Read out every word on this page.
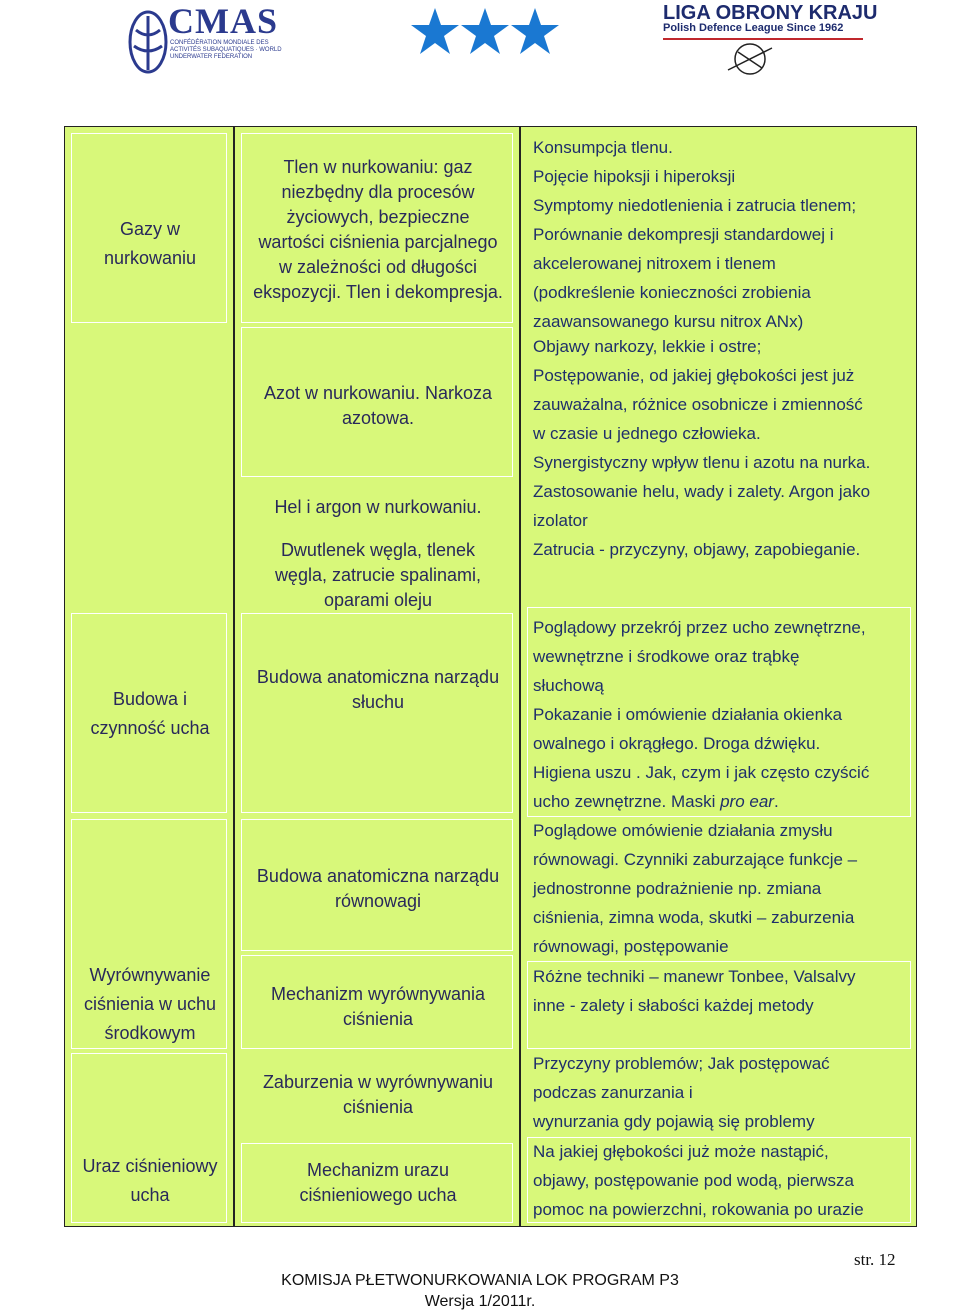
CMAS
CONFÉDÉRATION MONDIALE DES ACTIVITÉS SUBAQUATIQUES · WORLD UNDERWATER FEDERATION
LIGA OBRONY KRAJU
Polish Defence League Since 1962
Gazy w
nurkowaniu
Budowa i
czynność ucha
Wyrównywanie
ciśnienia w uchu
środkowym
Uraz ciśnieniowy
ucha
Tlen w nurkowaniu: gaz
niezbędny dla procesów
życiowych, bezpieczne
wartości ciśnienia parcjalnego
w zależności od długości
ekspozycji. Tlen i dekompresja.
Azot w nurkowaniu. Narkoza
azotowa.
Hel i argon w nurkowaniu.
Dwutlenek węgla, tlenek
węgla, zatrucie spalinami,
oparami oleju
Budowa anatomiczna narządu
słuchu
Budowa anatomiczna narządu
równowagi
Mechanizm wyrównywania
ciśnienia
Zaburzenia w wyrównywaniu
ciśnienia
Mechanizm urazu
ciśnieniowego ucha
Konsumpcja tlenu.
Pojęcie hipoksji i hiperoksji
Symptomy niedotlenienia i zatrucia tlenem;
Porównanie dekompresji standardowej i
akcelerowanej nitroxem i tlenem
(podkreślenie konieczności zrobienia
zaawansowanego kursu nitrox ANx)
Objawy narkozy, lekkie i ostre;
Postępowanie, od jakiej głębokości jest już
zauważalna, różnice osobnicze i zmienność
w czasie u jednego człowieka.
Synergistyczny wpływ tlenu i azotu na nurka.
Zastosowanie helu, wady i zalety. Argon jako
izolator
Zatrucia - przyczyny, objawy, zapobieganie.
Poglądowy przekrój przez ucho zewnętrzne,
wewnętrzne i środkowe oraz trąbkę
słuchową
Pokazanie i omówienie działania okienka
owalnego i okrągłego. Droga dźwięku.
Higiena uszu . Jak, czym i jak często czyścić
ucho zewnętrzne. Maski pro ear.
Poglądowe omówienie działania zmysłu
równowagi. Czynniki zaburzające funkcje –
jednostronne podrażnienie np. zmiana
ciśnienia, zimna woda, skutki – zaburzenia
równowagi, postępowanie
Różne techniki – manewr Tonbee, Valsalvy
inne - zalety i słabości każdej metody
Przyczyny problemów; Jak postępować
podczas zanurzania i
wynurzania gdy pojawią się problemy
Na jakiej głębokości już może nastąpić,
objawy, postępowanie pod wodą, pierwsza
pomoc na powierzchni, rokowania po urazie
str. 12
KOMISJA PŁETWONURKOWANIA LOK PROGRAM P3
Wersja 1/2011r.
